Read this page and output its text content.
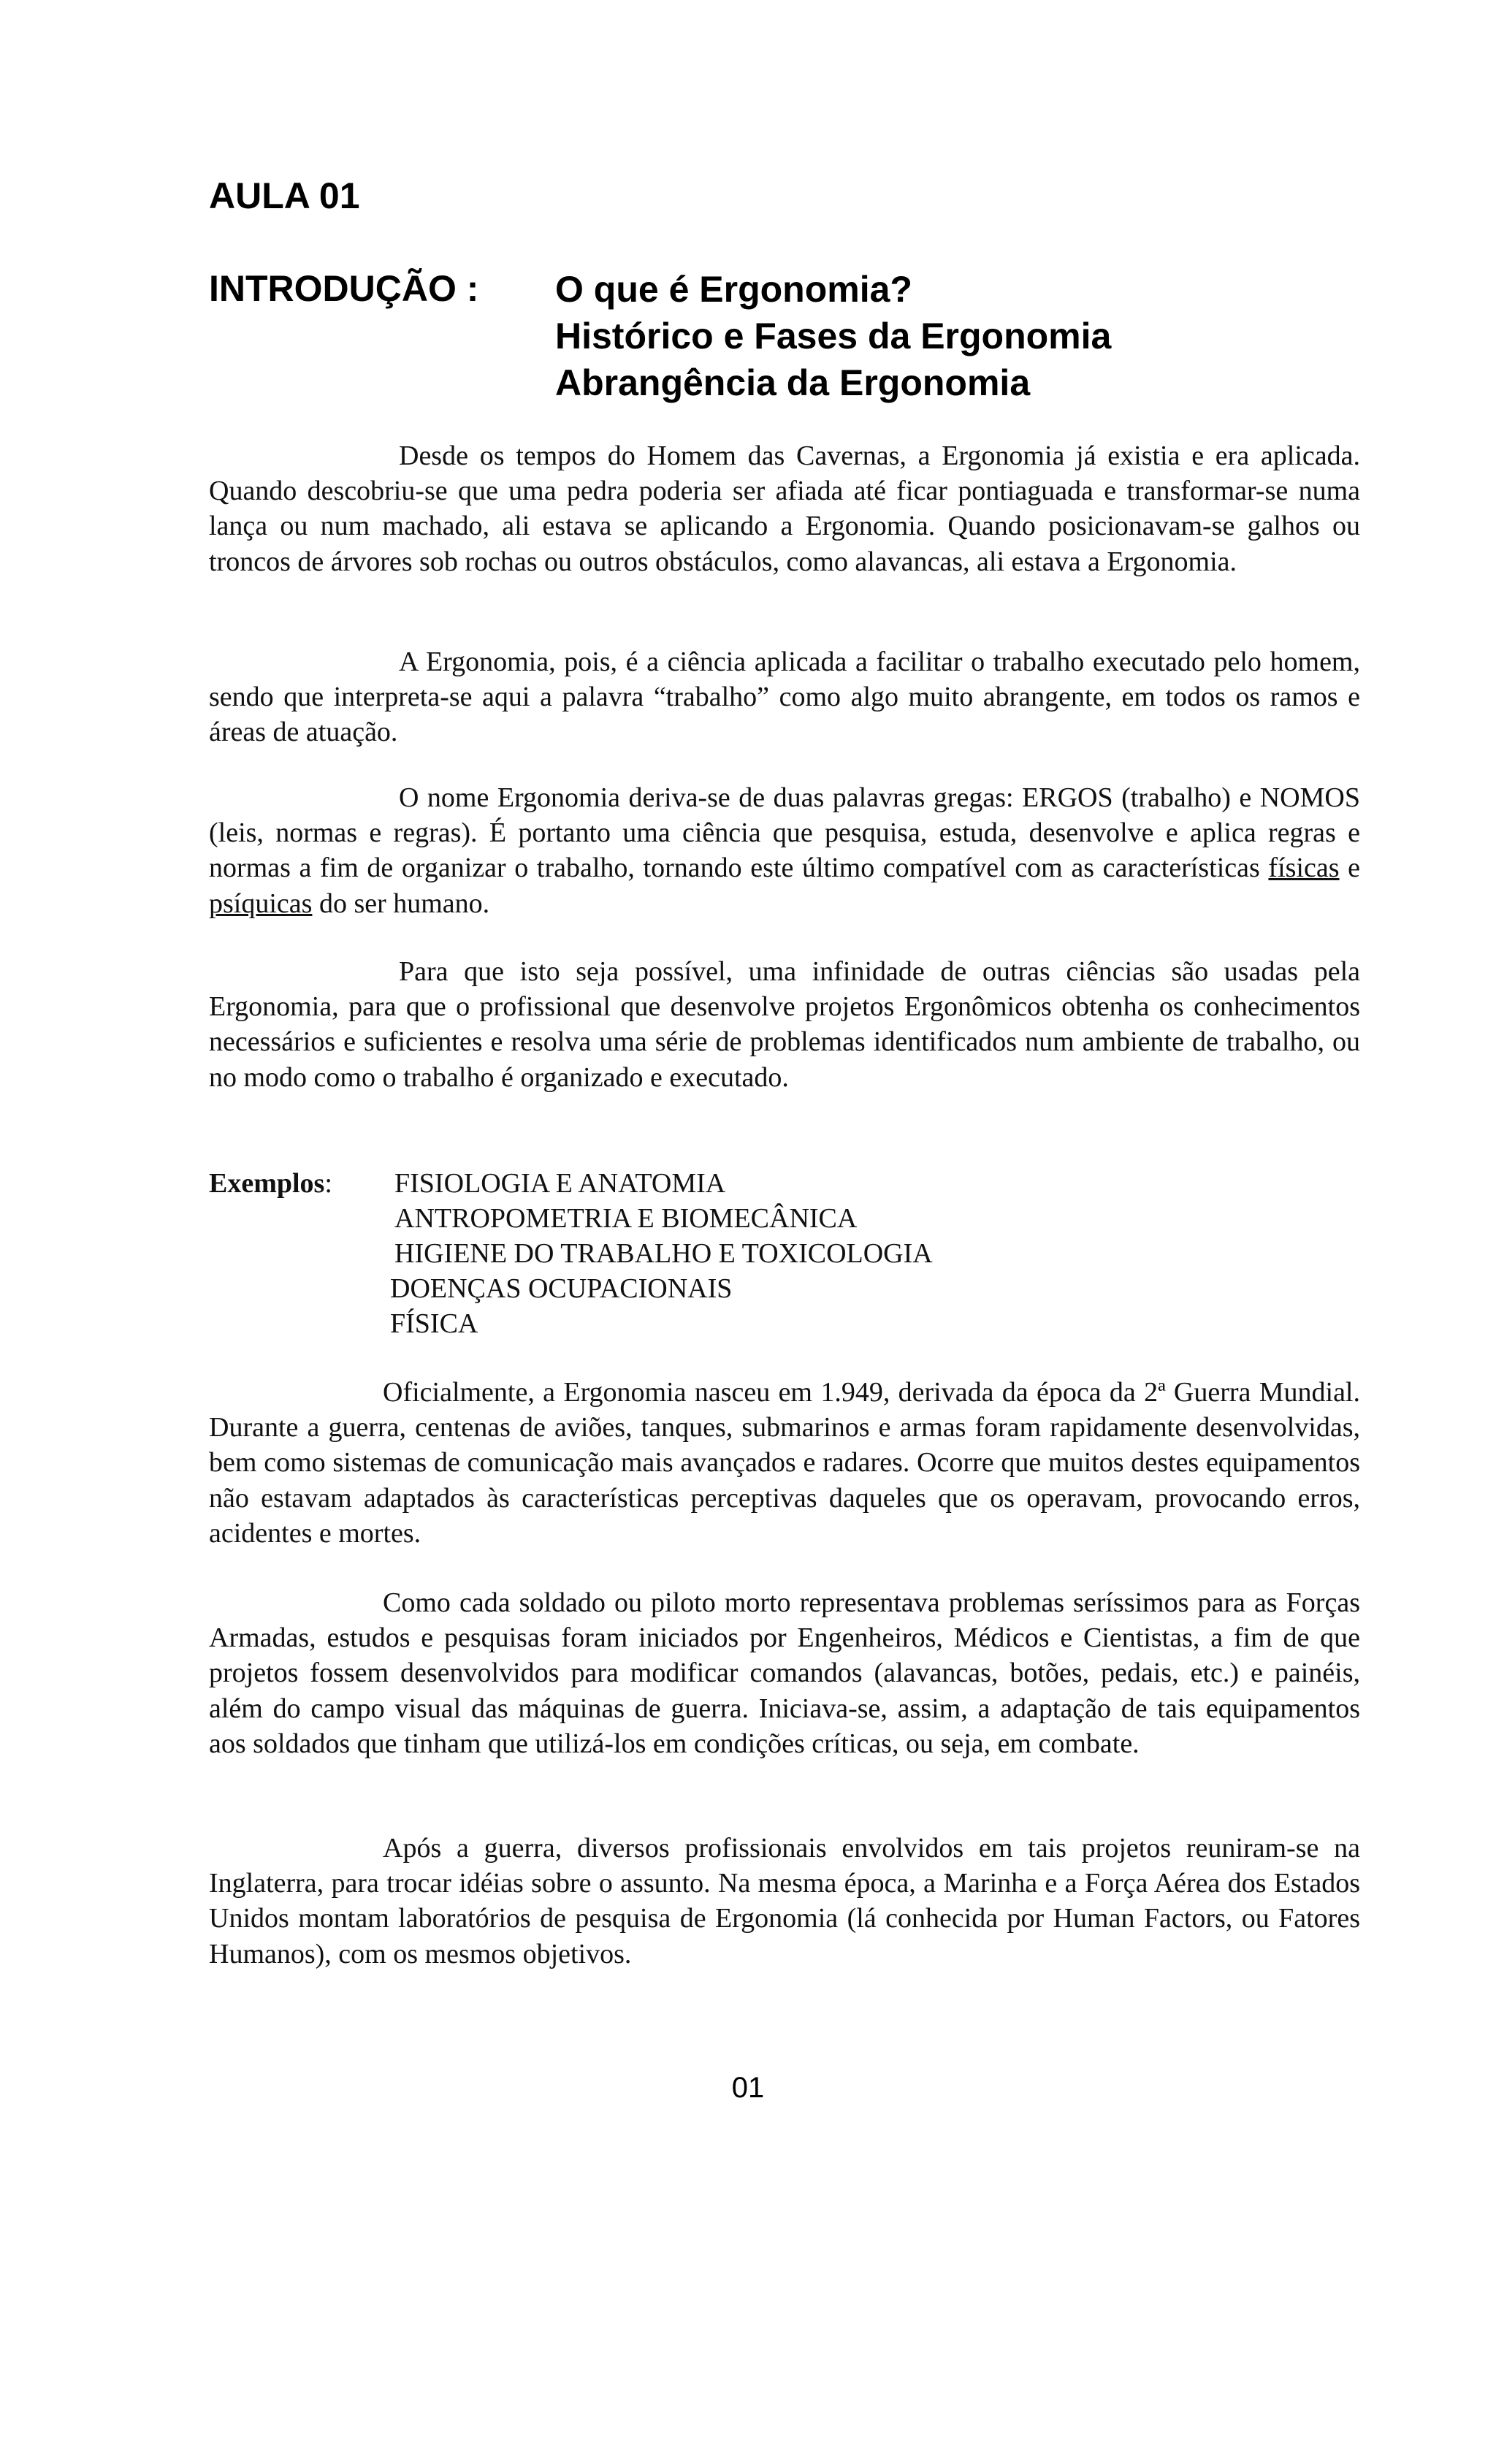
AULA 01
INTRODUÇÃO : O que é Ergonomia?
Histórico e Fases da Ergonomia
Abrangência da Ergonomia

Desde os tempos do Homem das Cavernas, a Ergonomia já existia e era aplicada. Quando descobriu-se que uma pedra poderia ser afiada até ficar pontiaguada e transformar-se numa lança ou num machado, ali estava se aplicando a Ergonomia. Quando posicionavam-se galhos ou troncos de árvores sob rochas ou outros obstáculos, como alavancas, ali estava a Ergonomia.

A Ergonomia, pois, é a ciência aplicada a facilitar o trabalho executado pelo homem, sendo que interpreta-se aqui a palavra “trabalho” como algo muito abrangente, em todos os ramos e áreas de atuação.

O nome Ergonomia deriva-se de duas palavras gregas: ERGOS (trabalho) e NOMOS (leis, normas e regras). É portanto uma ciência que pesquisa, estuda, desenvolve e aplica regras e normas a fim de organizar o trabalho, tornando este último compatível com as características físicas e psíquicas do ser humano.

Para que isto seja possível, uma infinidade de outras ciências são usadas pela Ergonomia, para que o profissional que desenvolve projetos Ergonômicos obtenha os conhecimentos necessários e suficientes e resolva uma série de problemas identificados num ambiente de trabalho, ou no modo como o trabalho é organizado e executado.

Exemplos: FISIOLOGIA E ANATOMIA
ANTROPOMETRIA E BIOMECÂNICA
HIGIENE DO TRABALHO E TOXICOLOGIA
DOENÇAS OCUPACIONAIS
FÍSICA

Oficialmente, a Ergonomia nasceu em 1.949, derivada da época da 2ª Guerra Mundial. Durante a guerra, centenas de aviões, tanques, submarinos e armas foram rapidamente desenvolvidas, bem como sistemas de comunicação mais avançados e radares. Ocorre que muitos destes equipamentos não estavam adaptados às características perceptivas daqueles que os operavam, provocando erros, acidentes e mortes.

Como cada soldado ou piloto morto representava problemas seríssimos para as Forças Armadas, estudos e pesquisas foram iniciados por Engenheiros, Médicos e Cientistas, a fim de que projetos fossem desenvolvidos para modificar comandos (alavancas, botões, pedais, etc.) e painéis, além do campo visual das máquinas de guerra. Iniciava-se, assim, a adaptação de tais equipamentos aos soldados que tinham que utilizá-los em condições críticas, ou seja, em combate.

Após a guerra, diversos profissionais envolvidos em tais projetos reuniram-se na Inglaterra, para trocar idéias sobre o assunto. Na mesma época, a Marinha e a Força Aérea dos Estados Unidos montam laboratórios de pesquisa de Ergonomia (lá conhecida por Human Factors, ou Fatores Humanos), com os mesmos objetivos.

01
